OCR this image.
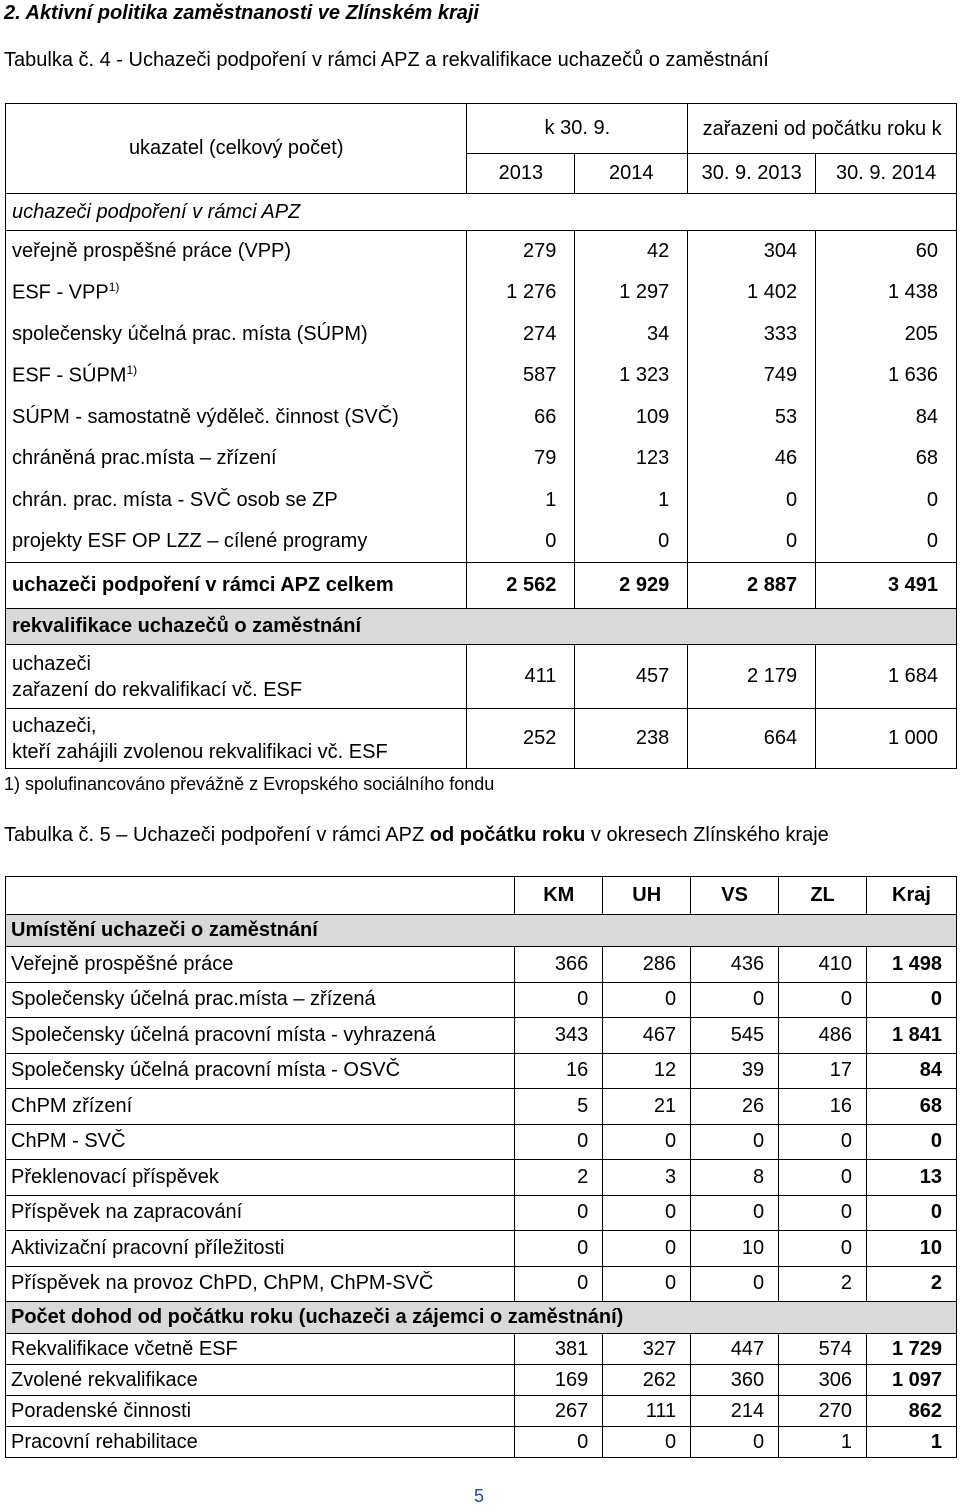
2. Aktivní politika zaměstnanosti ve Zlínském kraji
Tabulka č. 4 - Uchazeči podpoření v rámci APZ a rekvalifikace uchazečů o zaměstnání
ukazatel (celkový počet)	k 30. 9.		zařazeni od počátku roku k	
	2013	2014	30. 9. 2013	30. 9. 2014
uchazeči podpoření v rámci APZ				
veřejně prospěšné práce (VPP)	279	42	304	60
ESF - VPP$^{1)}$	1 276	1 297	1 402	1 438
společensky účelná prac. místa (SÚPM)	274	34	333	205
ESF - SÚPM$^{1)}$	587	1 323	749	1 636
SÚPM - samostatně výděleč. činnost (SVČ)	66	109	53	84
chráněná prac.místa – zřízení	79	123	46	68
chrán. prac. místa - SVČ osob se ZP	1	1	0	0
projekty ESF OP LZZ – cílené programy	0	0	0	0
uchazeči podpoření v rámci APZ celkem	2 562	2 929	2 887	3 491
rekvalifikace uchazečů o zaměstnání				

uchazeči
zařazení do rekvalifikací vč. ESF	411	457	2 179	1 684

uchazeči,
kteří zahájili zvolenou rekvalifikaci vč. ESF	252	238	664	1 000
1) spolufinancováno převážně z Evropského sociálního fondu
Tabulka č. 5 – Uchazeči podpoření v rámci APZ od počátku roku v okresech Zlínského kraje
	KM	UH	VS	ZL	Kraj
Umístění uchazeči o zaměstnání					
Veřejně prospěšné práce	366	286	436	410	1 498
Společensky účelná prac.místa – zřízená	0	0	0	0	0
Společensky účelná pracovní místa - vyhrazená	343	467	545	486	1 841
Společensky účelná pracovní místa - OSVČ	16	12	39	17	84
ChPM zřízení	5	21	26	16	68
ChPM - SVČ	0	0	0	0	0
Překlenovací příspěvek	2	3	8	0	13
Příspěvek na zapracování	0	0	0	0	0
Aktivizační pracovní příležitosti	0	0	10	0	10
Příspěvek na provoz ChPD, ChPM, ChPM-SVČ	0	0	0	2	2
Počet dohod od počátku roku (uchazeči a zájemci o zaměstnání)					
Rekvalifikace včetně ESF	381	327	447	574	1 729
Zvolené rekvalifikace	169	262	360	306	1 097
Poradenské činnosti	267	111	214	270	862
Pracovní rehabilitace	0	0	0	1	1
5
